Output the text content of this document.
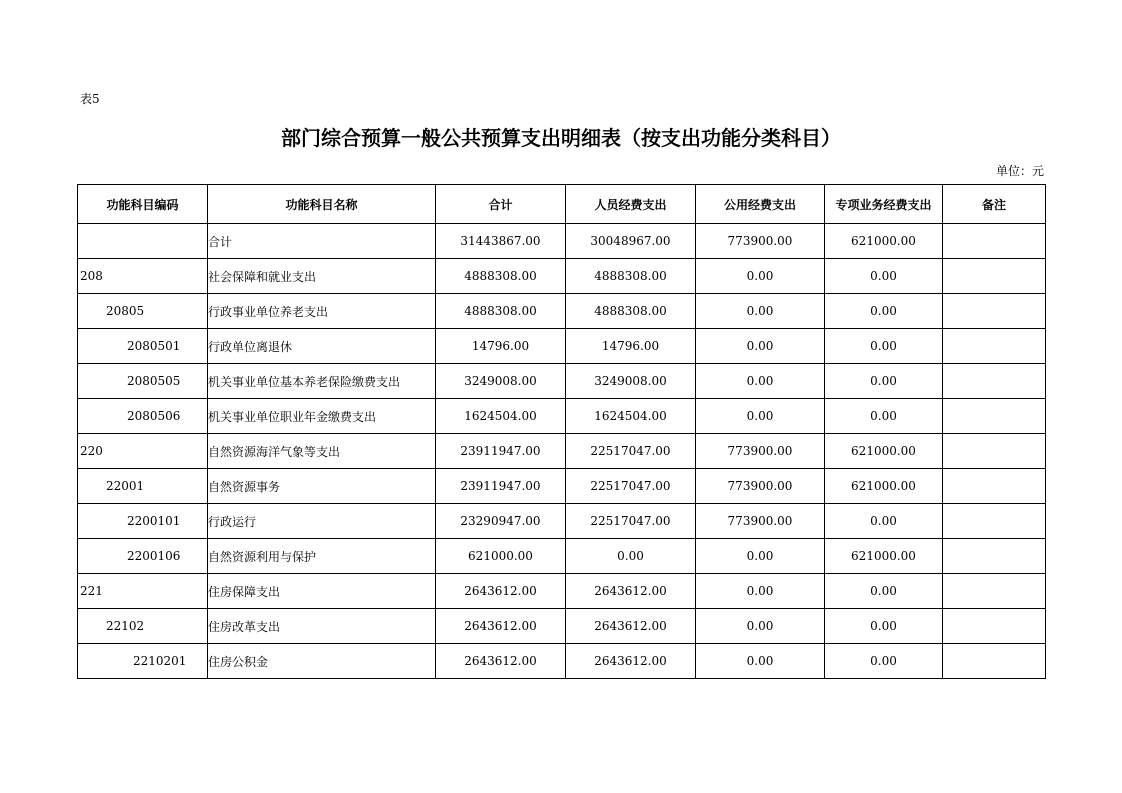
表5
部门综合预算一般公共预算支出明细表（按支出功能分类科目）
单位：元
功能科目编码	功能科目名称	合计	人员经费支出	公用经费支出	专项业务经费支出	备注
	合计	31443867.00	30048967.00	773900.00	621000.00	
208	社会保障和就业支出	4888308.00	4888308.00	0.00	0.00	
20805	行政事业单位养老支出	4888308.00	4888308.00	0.00	0.00	
2080501	行政单位离退休	14796.00	14796.00	0.00	0.00	
2080505	机关事业单位基本养老保险缴费支出	3249008.00	3249008.00	0.00	0.00	
2080506	机关事业单位职业年金缴费支出	1624504.00	1624504.00	0.00	0.00	
220	自然资源海洋气象等支出	23911947.00	22517047.00	773900.00	621000.00	
22001	自然资源事务	23911947.00	22517047.00	773900.00	621000.00	
2200101	行政运行	23290947.00	22517047.00	773900.00	0.00	
2200106	自然资源利用与保护	621000.00	0.00	0.00	621000.00	
221	住房保障支出	2643612.00	2643612.00	0.00	0.00	
22102	住房改革支出	2643612.00	2643612.00	0.00	0.00	
2210201	住房公积金	2643612.00	2643612.00	0.00	0.00	
